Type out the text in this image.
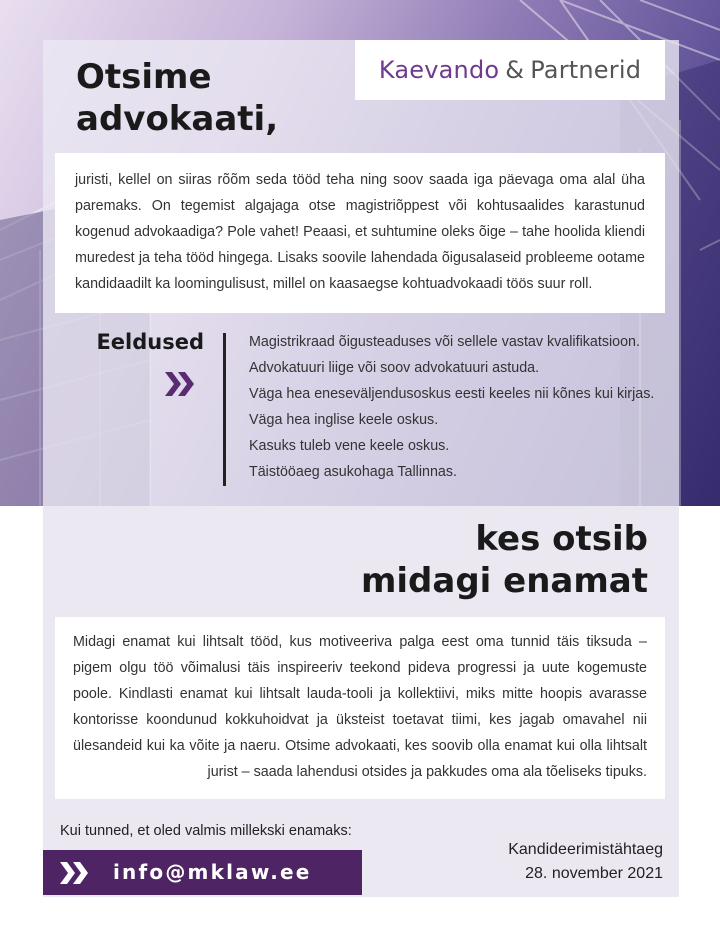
Kaevando & Partnerid
Otsime
advokaati,

juristi, kellel on siiras rõõm seda tööd teha ning soov saada iga päevaga oma alal üha paremaks. On tegemist algajaga otse magistriõppest või kohtusaalides karastunud kogenud advokaadiga? Pole vahet! Peaasi, et suhtumine oleks õige – tahe hoolida kliendi muredest ja teha tööd hingega. Lisaks soovile lahendada õigusalaseid probleeme ootame kandidaadilt ka loomingulisust, millel on kaasaegse kohtuadvokaadi töös suur roll.

Eeldused	Magistrikraad õigusteaduses või sellele vastav kvalifikatsioon.
Advokatuuri liige või soov advokatuuri astuda.
Väga hea eneseväljendusoskus eesti keeles nii kõnes kui kirjas.
Väga hea inglise keele oskus.
Kasuks tuleb vene keele oskus.
Täistööaeg asukohaga Tallinnas.
kes otsib
midagi enamat

Midagi enamat kui lihtsalt tööd, kus motiveeriva palga eest oma tunnid täis tiksuda – pigem olgu töö võimalusi täis inspireeriv teekond pideva progressi ja uute kogemuste poole. Kindlasti enamat kui lihtsalt lauda-tooli ja kollektiivi, miks mitte hoopis avarasse kontorisse koondunud kokkuhoidvat ja üksteist toetavat tiimi, kes jagab omavahel nii ülesandeid kui ka võite ja naeru. Otsime advokaati, kes soovib olla enamat kui olla lihtsalt jurist – saada lahendusi otsides ja pakkudes oma ala tõeliseks tipuks.

Kui tunned, et oled valmis millekski enamaks:
info@mklaw.ee
Kandideerimistähtaeg
28. november 2021
